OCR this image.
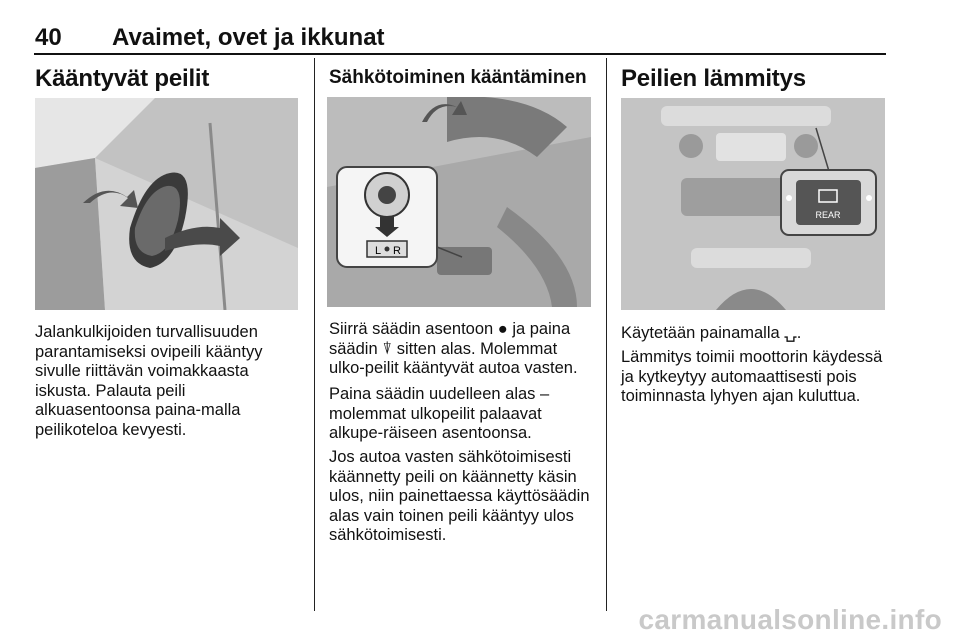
40 Avaimet, ovet ja ikkunat
Kääntyvät peilit

Jalankulkijoiden turvallisuuden parantamiseksi ovipeili kääntyy sivulle riittävän voimakkaasta iskusta. Palauta peili alkuasentoonsa paina-malla peilikoteloa kevyesti.

Sähkötoiminen kääntäminen
L R

Siirrä säädin asentoon ● ja paina säädin ⍒ sitten alas. Molemmat ulko-peilit kääntyvät autoa vasten.

Paina säädin uudelleen alas – molemmat ulkopeilit palaavat alkupe-räiseen asentoonsa.

Jos autoa vasten sähkötoimisesti käännetty peili on käännetty käsin ulos, niin painettaessa käyttösäädin alas vain toinen peili kääntyy ulos sähkötoimisesti.

Peilien lämmitys
REAR

Käytetään painamalla ⍽.

Lämmitys toimii moottorin käydessä ja kytkeytyy automaattisesti pois toiminnasta lyhyen ajan kuluttua.

carmanualsonline.info
